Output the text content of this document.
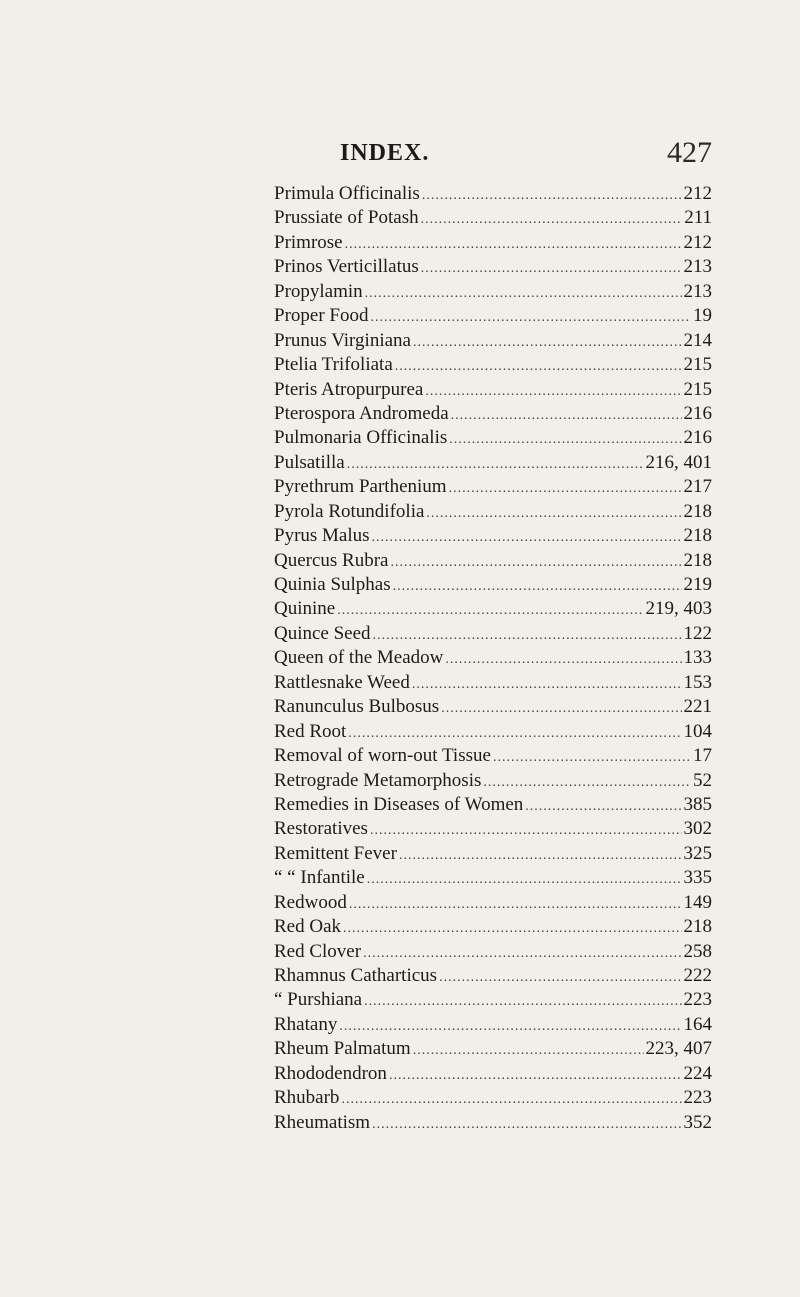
INDEX.	427
Primula Officinalis .....	212
Prussiate of Potash .....	211
Primrose .....	212
Prinos Verticillatus .....	213
Propylamin .....	213
Proper Food .....	19
Prunus Virginiana .....	214
Ptelia Trifoliata .....	215
Pteris Atropurpurea .....	215
Pterospora Andromeda .....	216
Pulmonaria Officinalis .....	216
Pulsatilla .....	216, 401
Pyrethrum Parthenium .....	217
Pyrola Rotundifolia .....	218
Pyrus Malus .....	218
Quercus Rubra .....	218
Quinia Sulphas .....	219
Quinine .....	219, 403
Quince Seed .....	122
Queen of the Meadow .....	133
Rattlesnake Weed .....	153
Ranunculus Bulbosus .....	221
Red Root .....	104
Removal of worn-out Tissue .....	17
Retrograde Metamorphosis .....	52
Remedies in Diseases of Women .....	385
Restoratives .....	302
Remittent Fever .....	325
“ “ Infantile .....	335
Redwood .....	149
Red Oak .....	218
Red Clover .....	258
Rhamnus Catharticus .....	222
“ Purshiana .....	223
Rhatany .....	164
Rheum Palmatum .....	223, 407
Rhododendron .....	224
Rhubarb .....	223
Rheumatism .....	352
